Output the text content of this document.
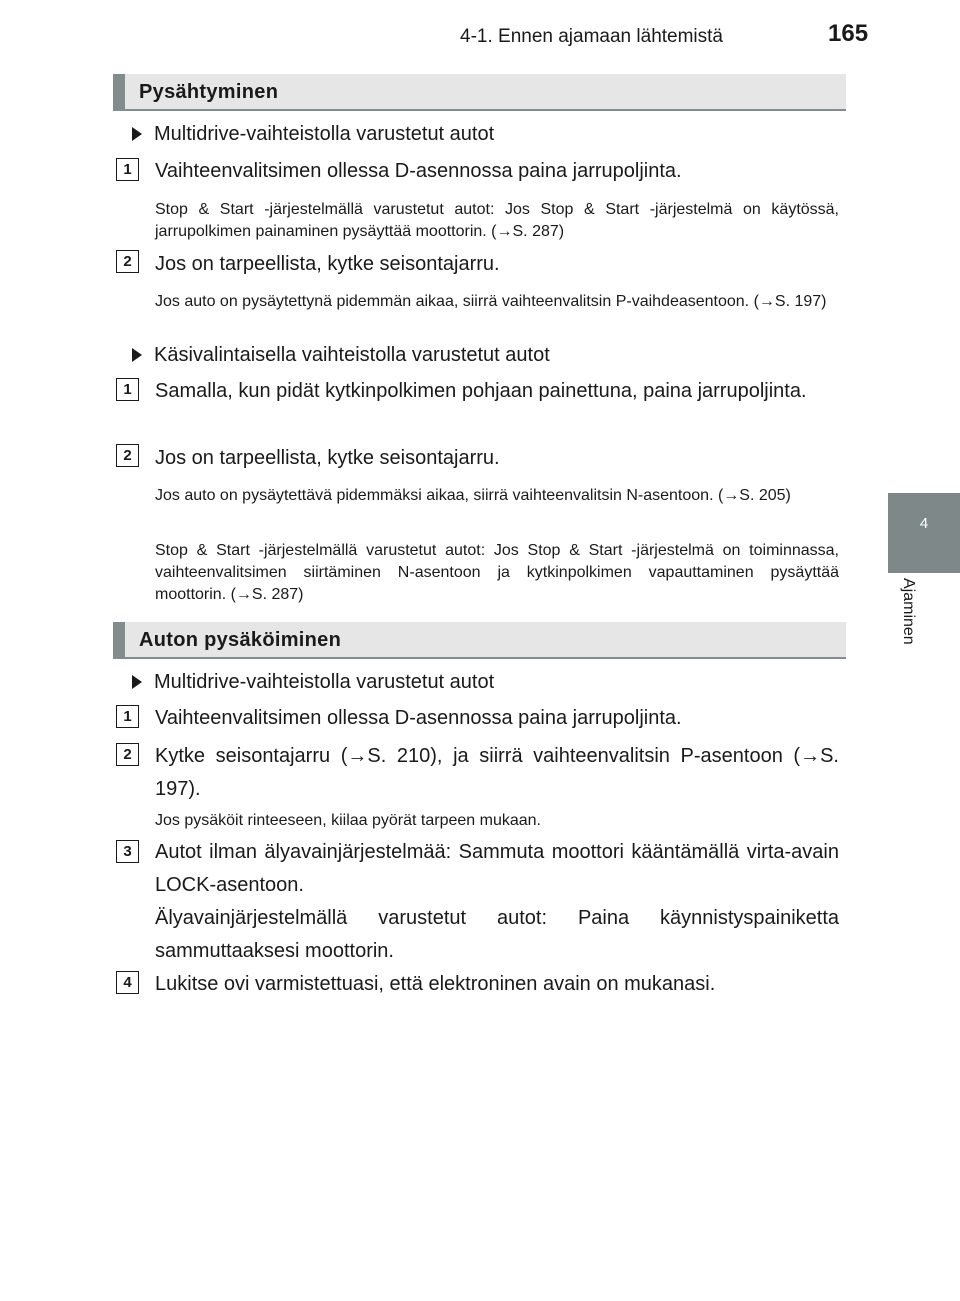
4-1. Ennen ajamaan lähtemistä	165
4
Ajaminen
Pysähtyminen
Multidrive-vaihteistolla varustetut autot
1	Vaihteenvalitsimen ollessa D-asennossa paina jarrupoljinta.
Stop & Start -järjestelmällä varustetut autot: Jos Stop & Start -järjestelmä on käytössä, jarrupolkimen painaminen pysäyttää moottorin. (→S. 287)
2	Jos on tarpeellista, kytke seisontajarru.
Jos auto on pysäytettynä pidemmän aikaa, siirrä vaihteenvalitsin P-vaihdeasentoon. (→S. 197)
Käsivalintaisella vaihteistolla varustetut autot
1	Samalla, kun pidät kytkinpolkimen pohjaan painettuna, paina jarrupoljinta.
2	Jos on tarpeellista, kytke seisontajarru.
Jos auto on pysäytettävä pidemmäksi aikaa, siirrä vaihteenvalitsin N-asentoon. (→S. 205)
Stop & Start -järjestelmällä varustetut autot: Jos Stop & Start -järjestelmä on toiminnassa, vaihteenvalitsimen siirtäminen N-asentoon ja kytkinpolkimen vapauttaminen pysäyttää moottorin. (→S. 287)
Auton pysäköiminen
Multidrive-vaihteistolla varustetut autot
1	Vaihteenvalitsimen ollessa D-asennossa paina jarrupoljinta.
2	Kytke seisontajarru (→S. 210), ja siirrä vaihteenvalitsin P-asentoon (→S. 197).
Jos pysäköit rinteeseen, kiilaa pyörät tarpeen mukaan.
3	Autot ilman älyavainjärjestelmää: Sammuta moottori kääntämällä virta-avain LOCK-asentoon.
Älyavainjärjestelmällä varustetut autot: Paina käynnistyspainiketta sammuttaaksesi moottorin.
4	Lukitse ovi varmistettuasi, että elektroninen avain on mukanasi.
